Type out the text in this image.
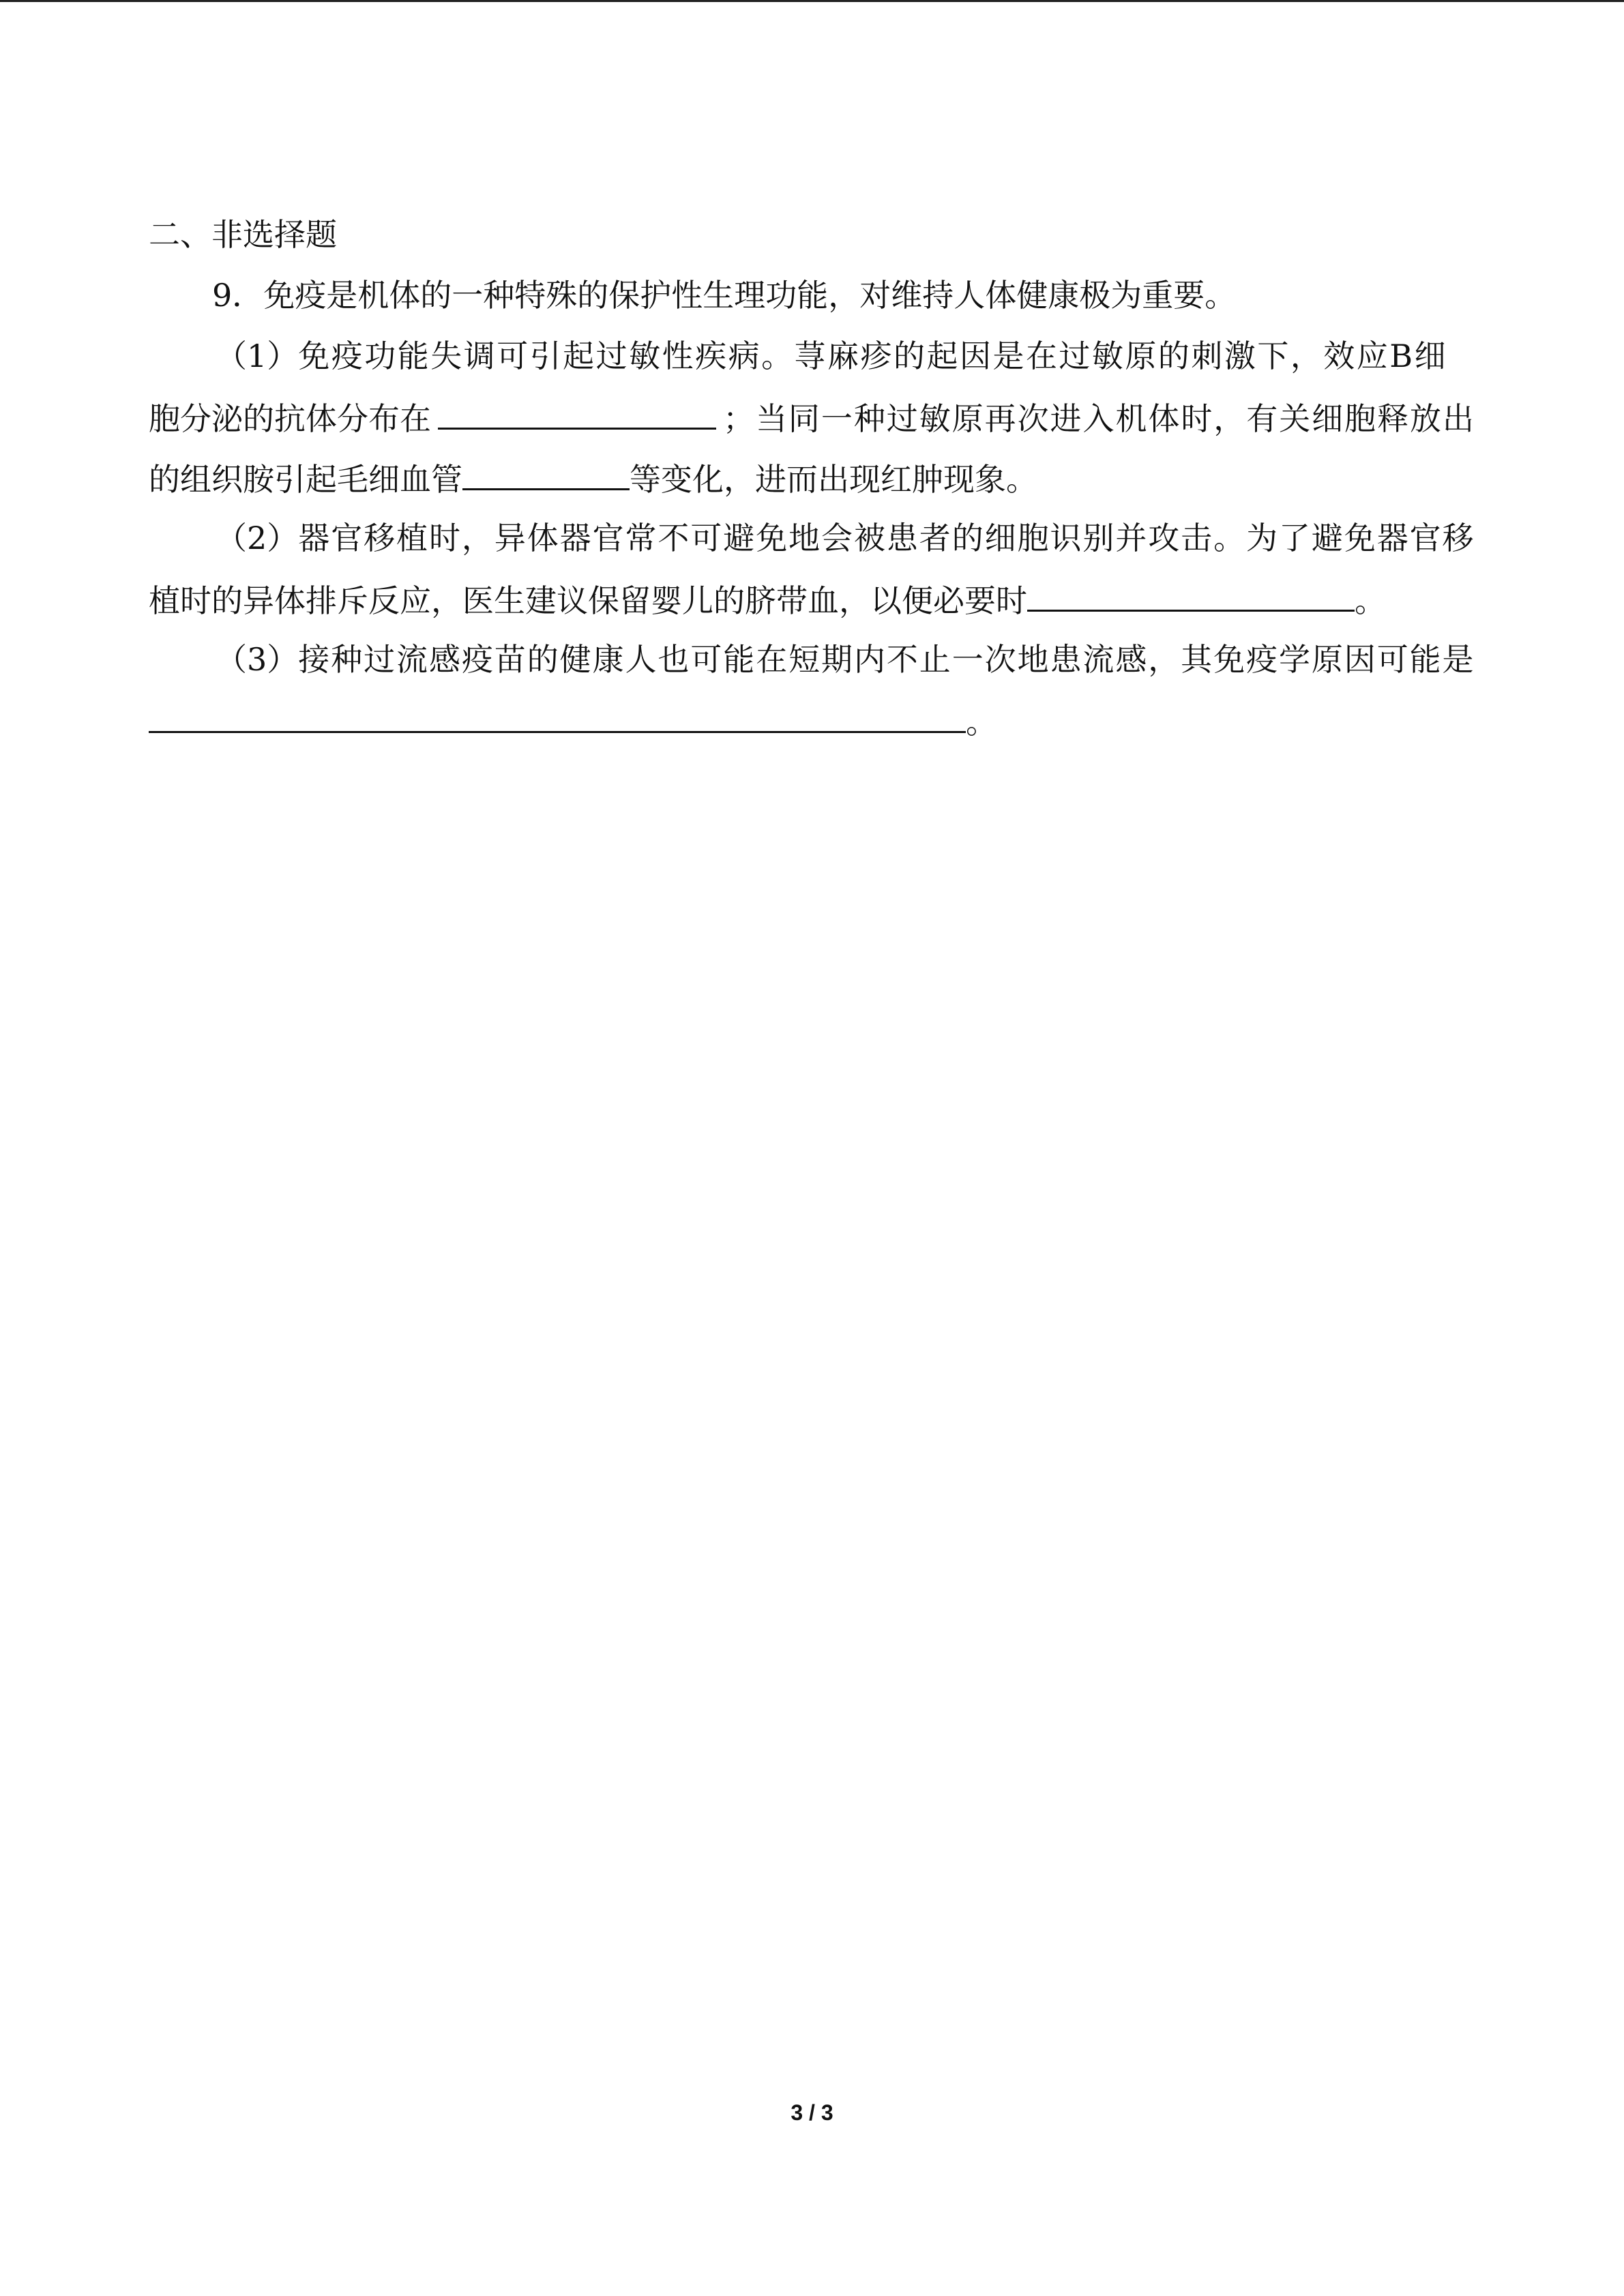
二、非选择题
9．免疫是机体的一种特殊的保护性生理功能，对维持人体健康极为重要。
（1）免 疫 功 能 失 调 可 引 起 过 敏 性 疾 病 。 荨 麻 疹 的 起 因 是 在 过 敏 原 的 刺 激 下 ， 效 应 B 细
胞分泌的抗体分布在	； 当 同 一 种 过 敏 原 再 次 进 入 机 体 时 ， 有 关 细 胞 释 放 出
的组织胺引起毛细血管	等变化，进而出现红肿现象。
（2）器 官 移 植 时 ， 异 体 器 官 常 不 可 避 免 地 会 被 患 者 的 细 胞 识 别 并 攻 击 。 为 了 避 免 器 官 移
植时的异体排斥反应，医生建议保留婴儿的脐带血，以便必要时	。
（3）接 种 过 流 感 疫 苗 的 健 康 人 也 可 能 在 短 期 内 不 止 一 次 地 患 流 感 ， 其 免 疫 学 原 因 可 能 是
。
3 / 3
